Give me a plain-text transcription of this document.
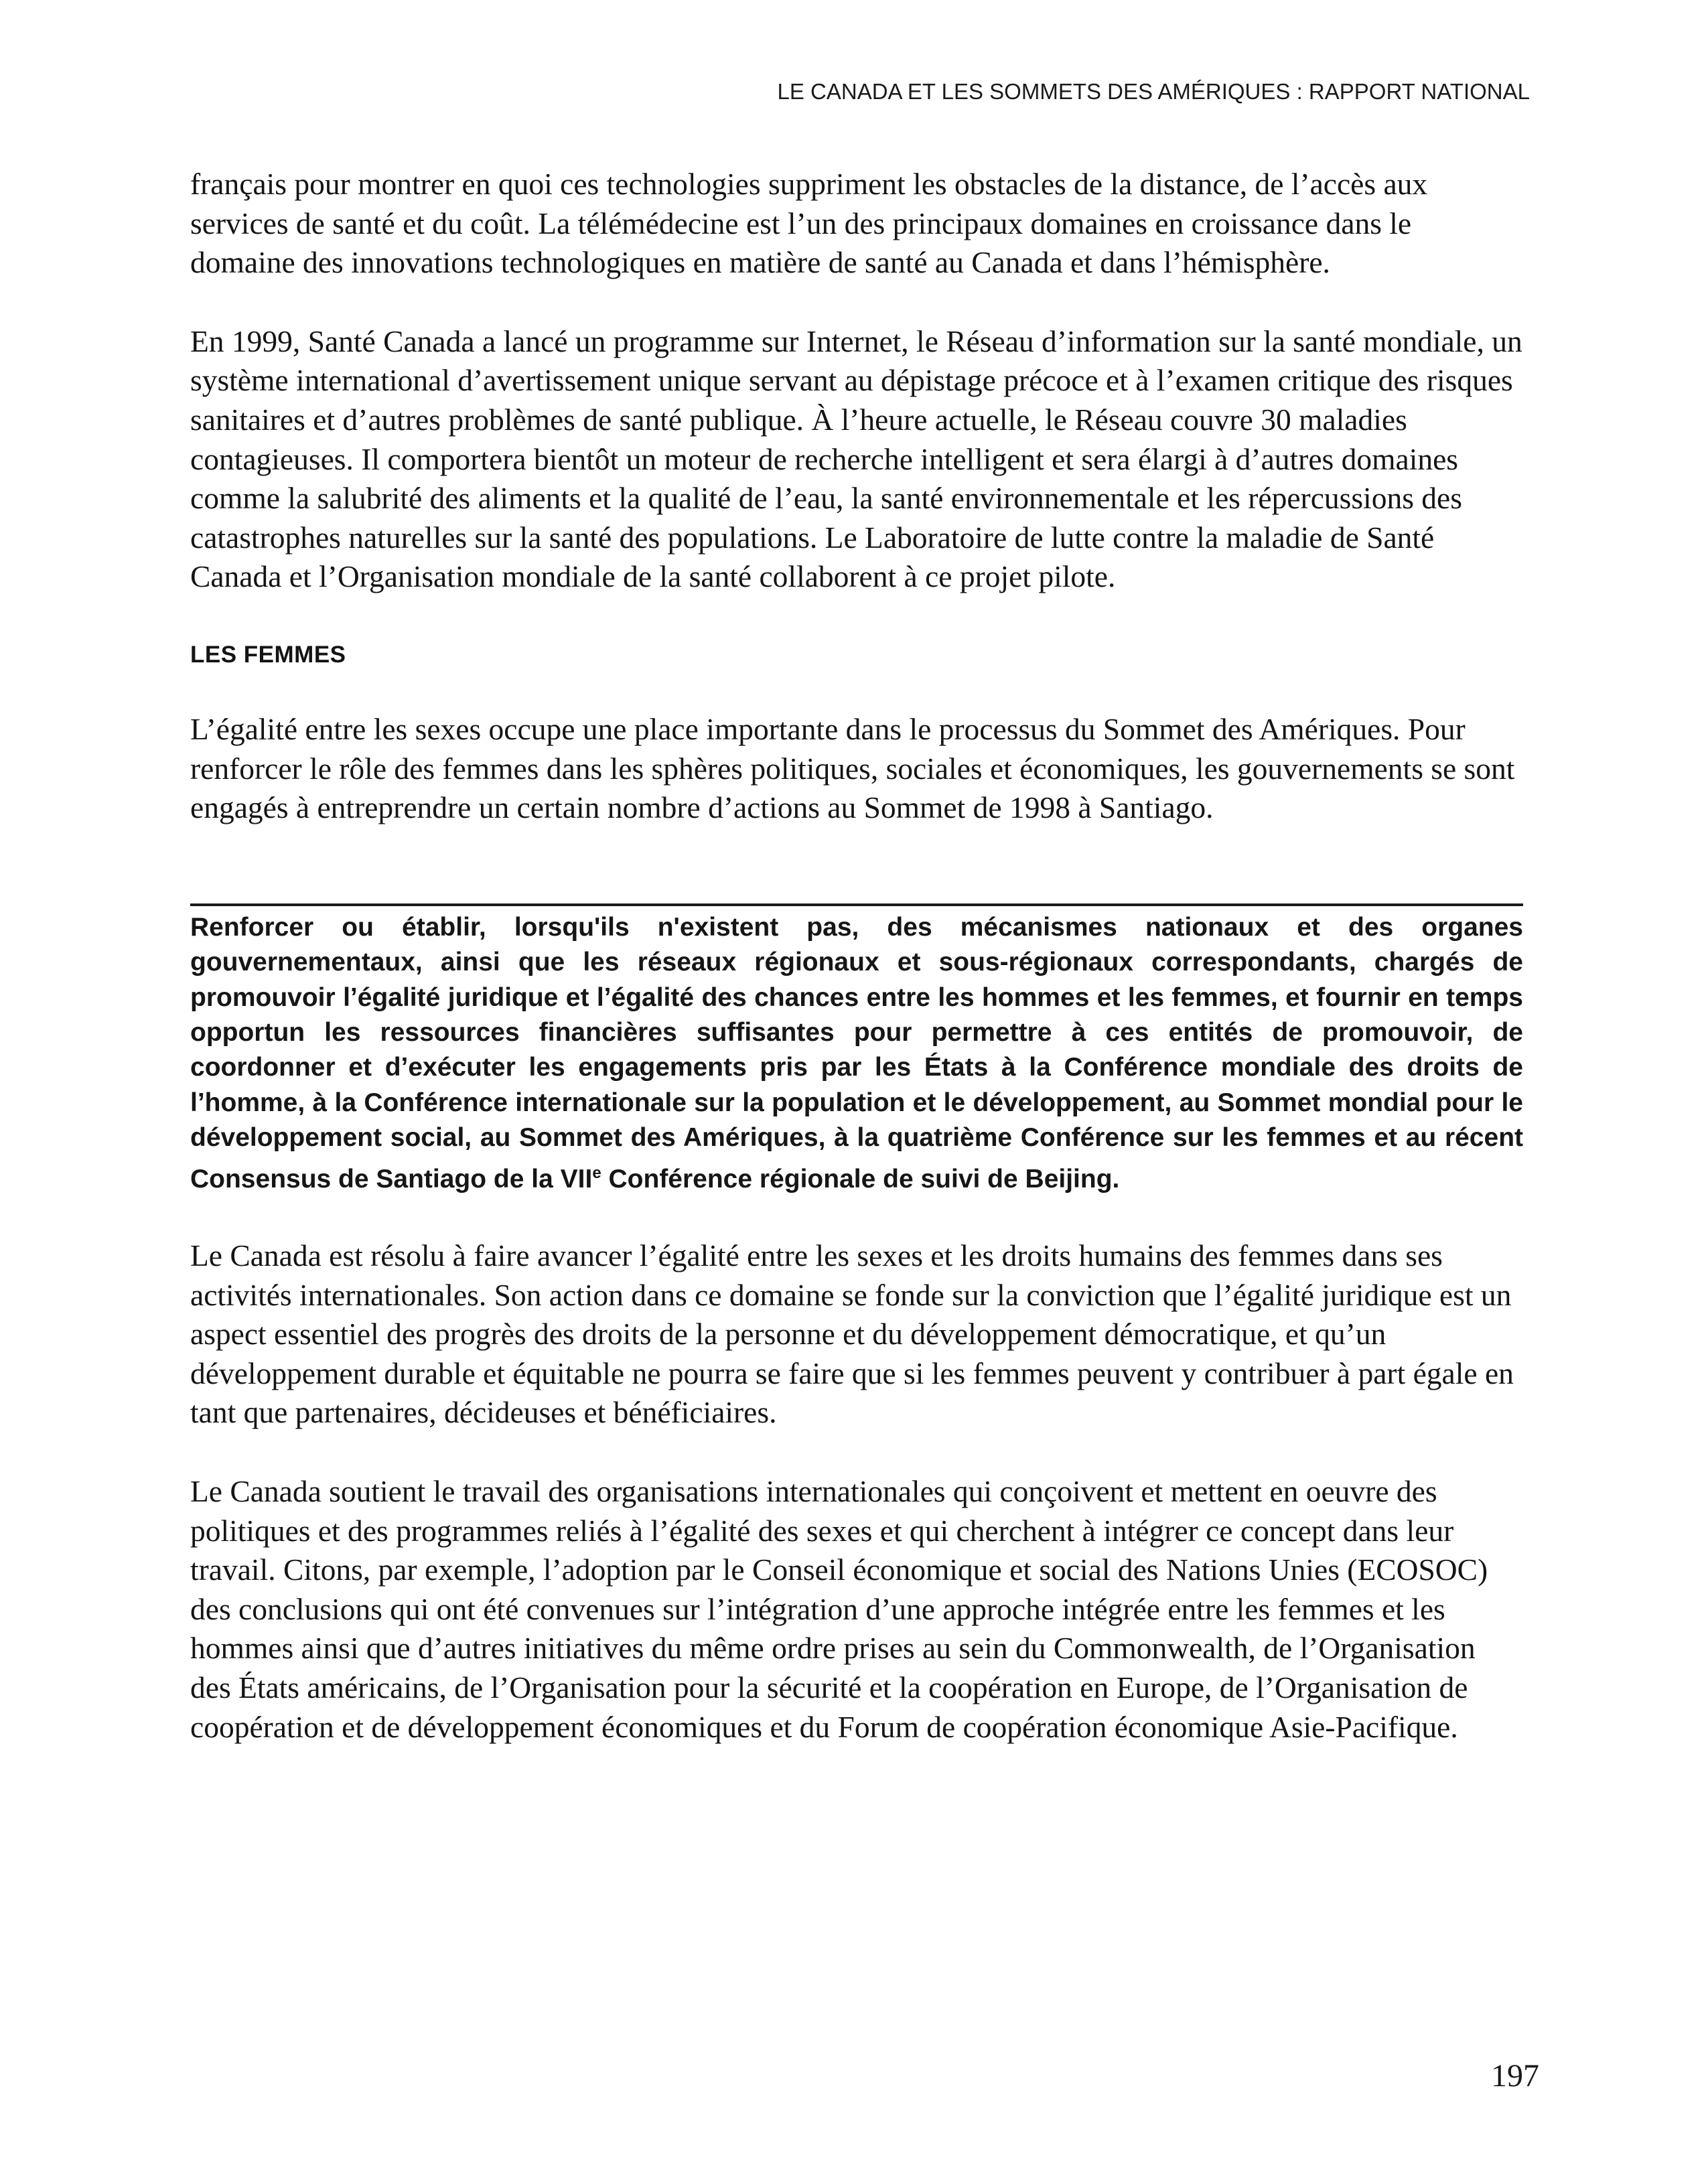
LE CANADA ET LES SOMMETS DES AMÉRIQUES : RAPPORT NATIONAL

français pour montrer en quoi ces technologies suppriment les obstacles de la distance, de l’accès aux services de santé et du coût. La télémédecine est l’un des principaux domaines en croissance dans le domaine des innovations technologiques en matière de santé au Canada et dans l’hémisphère.

En 1999, Santé Canada a lancé un programme sur Internet, le Réseau d’information sur la santé mondiale, un système international d’avertissement unique servant au dépistage précoce et à l’examen critique des risques sanitaires et d’autres problèmes de santé publique. À l’heure actuelle, le Réseau couvre 30 maladies contagieuses. Il comportera bientôt un moteur de recherche intelligent et sera élargi à d’autres domaines comme la salubrité des aliments et la qualité de l’eau, la santé environnementale et les répercussions des catastrophes naturelles sur la santé des populations. Le Laboratoire de lutte contre la maladie de Santé Canada et l’Organisation mondiale de la santé collaborent à ce projet pilote.

LES FEMMES

L’égalité entre les sexes occupe une place importante dans le processus du Sommet des Amériques. Pour renforcer le rôle des femmes dans les sphères politiques, sociales et économiques, les gouvernements se sont engagés à entreprendre un certain nombre d’actions au Sommet de 1998 à Santiago.

Renforcer ou établir, lorsqu'ils n'existent pas, des mécanismes nationaux et des organes gouvernementaux, ainsi que les réseaux régionaux et sous-régionaux correspondants, chargés de promouvoir l’égalité juridique et l’égalité des chances entre les hommes et les femmes, et fournir en temps opportun les ressources financières suffisantes pour permettre à ces entités de promouvoir, de coordonner et d’exécuter les engagements pris par les États à la Conférence mondiale des droits de l’homme, à la Conférence internationale sur la population et le développement, au Sommet mondial pour le développement social, au Sommet des Amériques, à la quatrième Conférence sur les femmes et au récent Consensus de Santiago de la VIIe Conférence régionale de suivi de Beijing.

Le Canada est résolu à faire avancer l’égalité entre les sexes et les droits humains des femmes dans ses activités internationales. Son action dans ce domaine se fonde sur la conviction que l’égalité juridique est un aspect essentiel des progrès des droits de la personne et du développement démocratique, et qu’un développement durable et équitable ne pourra se faire que si les femmes peuvent y contribuer à part égale en tant que partenaires, décideuses et bénéficiaires.

Le Canada soutient le travail des organisations internationales qui conçoivent et mettent en oeuvre des politiques et des programmes reliés à l’égalité des sexes et qui cherchent à intégrer ce concept dans leur travail. Citons, par exemple, l’adoption par le Conseil économique et social des Nations Unies (ECOSOC) des conclusions qui ont été convenues sur l’intégration d’une approche intégrée entre les femmes et les hommes ainsi que d’autres initiatives du même ordre prises au sein du Commonwealth, de l’Organisation des États américains, de l’Organisation pour la sécurité et la coopération en Europe, de l’Organisation de coopération et de développement économiques et du Forum de coopération économique Asie-Pacifique.

197
